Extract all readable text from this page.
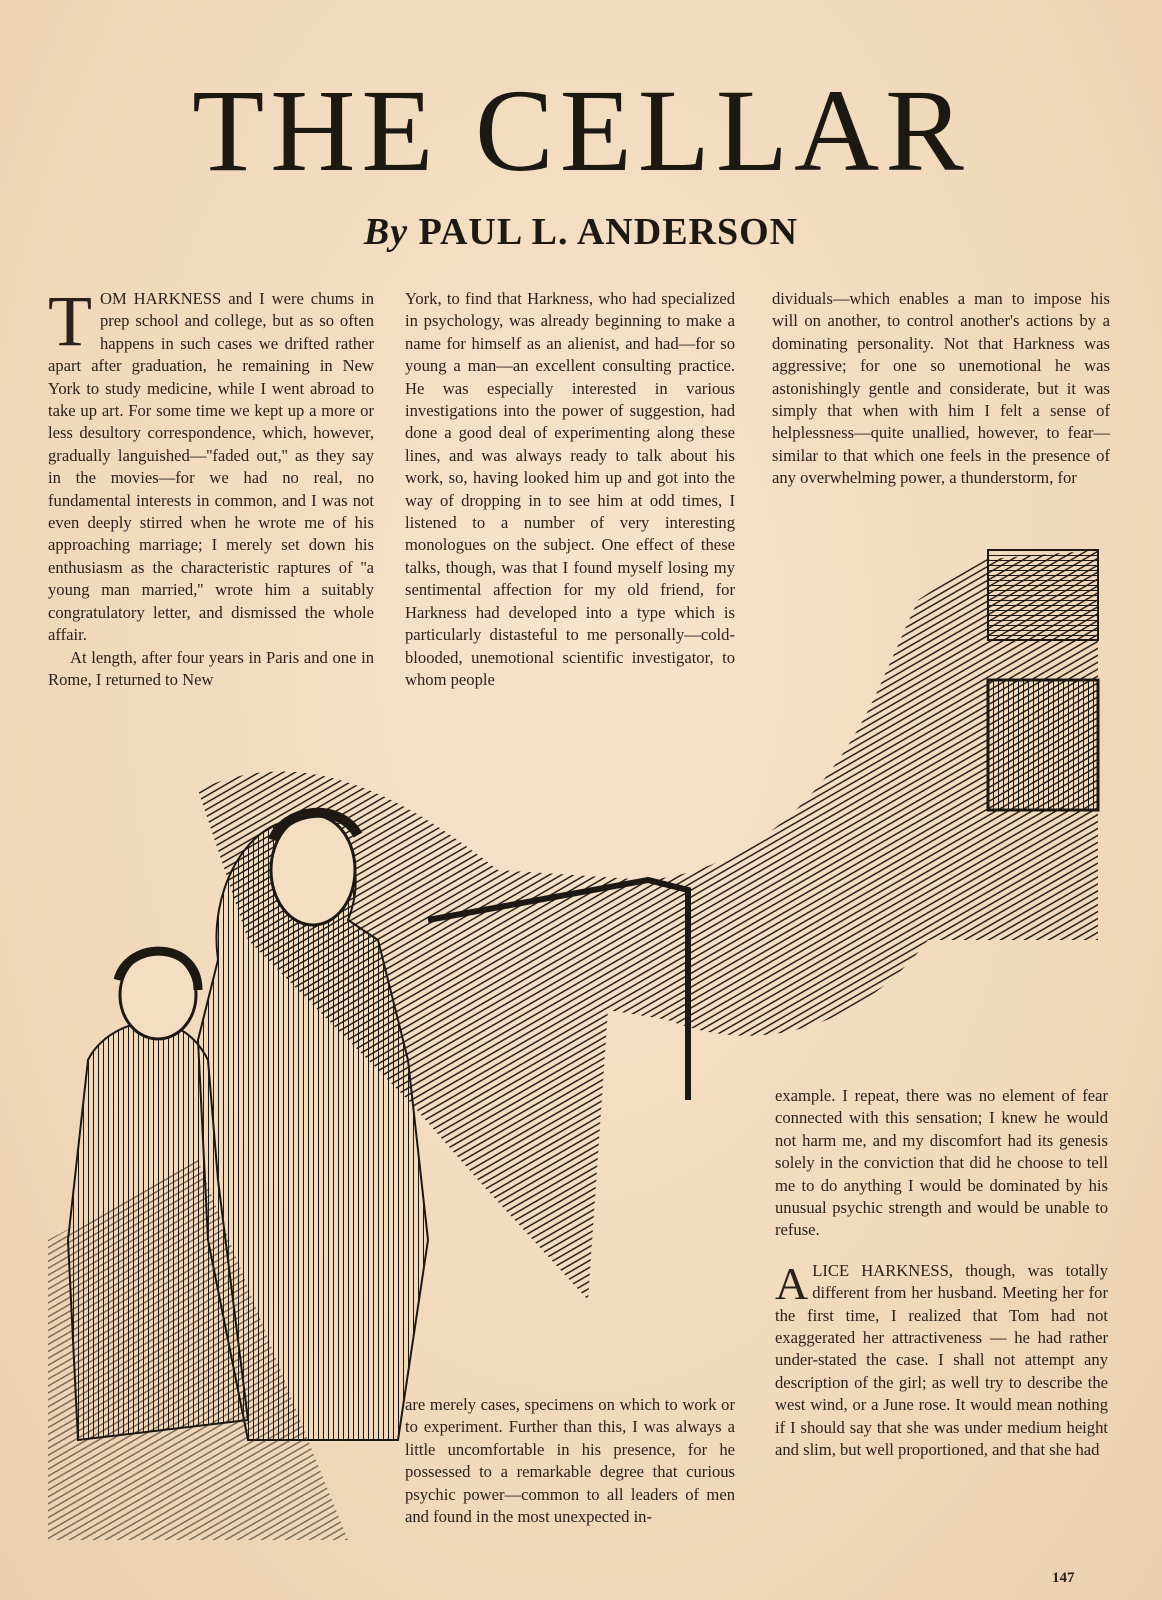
THE CELLAR
By PAUL L. ANDERSON

TOM HARKNESS and I were chums in prep school and college, but as so often happens in such cases we drifted rather apart after graduation, he remaining in New York to study medicine, while I went abroad to take up art. For some time we kept up a more or less desultory correspondence, which, however, gradually languished—''faded out,'' as they say in the movies—for we had no real, no fundamental interests in common, and I was not even deeply stirred when he wrote me of his approaching marriage; I merely set down his enthusiasm as the characteristic raptures of ''a young man married,'' wrote him a suitably congratulatory letter, and dismissed the whole affair.

At length, after four years in Paris and one in Rome, I returned to New

York, to find that Harkness, who had specialized in psychology, was already beginning to make a name for himself as an alienist, and had—for so young a man—an excellent consulting practice. He was especially interested in various investigations into the power of suggestion, had done a good deal of experimenting along these lines, and was always ready to talk about his work, so, having looked him up and got into the way of dropping in to see him at odd times, I listened to a number of very interesting monologues on the subject. One effect of these talks, though, was that I found myself losing my sentimental affection for my old friend, for Harkness had developed into a type which is particularly distasteful to me personally—cold-blooded, unemotional scientific investigator, to whom people

dividuals—which enables a man to impose his will on another, to control another's actions by a dominating personality. Not that Harkness was aggressive; for one so unemotional he was astonishingly gentle and considerate, but it was simply that when with him I felt a sense of helplessness—quite unallied, however, to fear—similar to that which one feels in the presence of any overwhelming power, a thunderstorm, for

example. I repeat, there was no element of fear connected with this sensation; I knew he would not harm me, and my discomfort had its genesis solely in the conviction that did he choose to tell me to do anything I would be dominated by his unusual psychic strength and would be unable to refuse.

ALICE HARKNESS, though, was totally different from her husband. Meeting her for the first time, I realized that Tom had not exaggerated her attractiveness — he had rather under-stated the case. I shall not attempt any description of the girl; as well try to describe the west wind, or a June rose. It would mean nothing if I should say that she was under medium height and slim, but well proportioned, and that she had

are merely cases, specimens on which to work or to experiment. Further than this, I was always a little uncomfortable in his presence, for he possessed to a remarkable degree that curious psychic power—common to all leaders of men and found in the most unexpected in-

147
